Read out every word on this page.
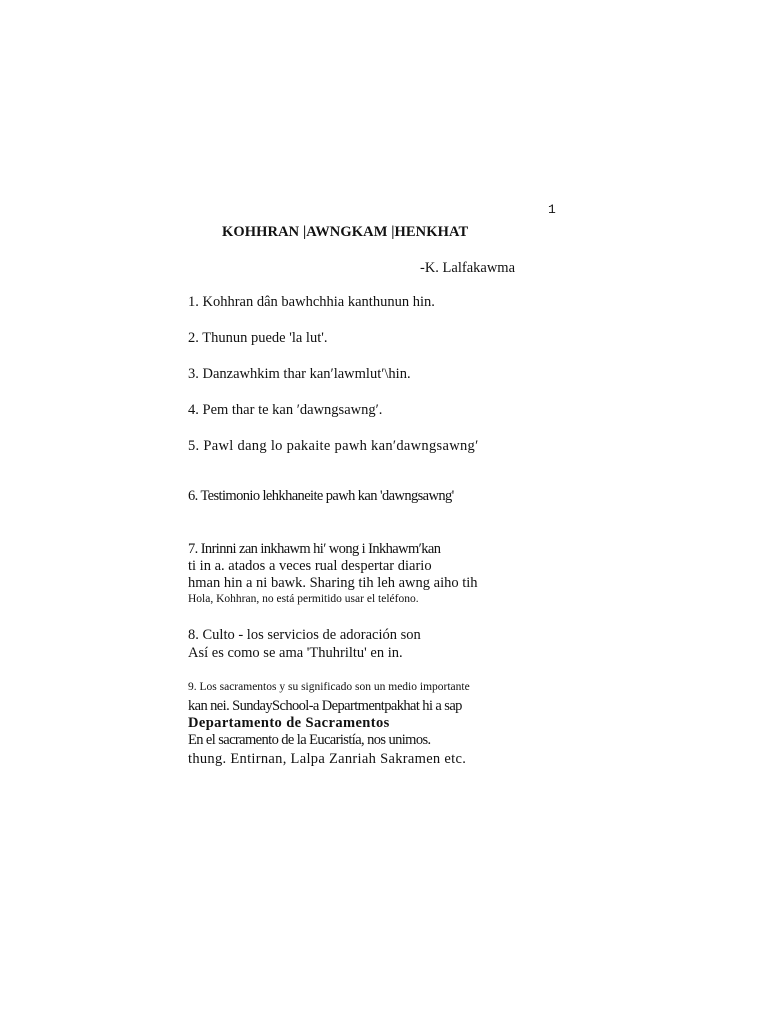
1
KOHHRAN |AWNGKAM |HENKHAT
-K. Lalfakawma
1. Kohhran dân bawhchhia kanthunun hin.
2. Thunun puede 'la lut'.
3. Danzawhkim thar kan′lawmlut′\hin.
4. Pem thar te kan ′dawngsawng′.
5. Pawl dang lo pakaite pawh kan′dawngsawng′
6. Testimonio lehkhaneite pawh kan 'dawngsawng'
7. Inrinni zan inkhawm hi′ wong i Inkhawm′kan
ti in a. atados a veces rual despertar diario
hman hin a ni bawk. Sharing tih leh awng aiho tih
Hola, Kohhran, no está permitido usar el teléfono.
8. Culto - los servicios de adoración son
Así es como se ama 'Thuhriltu' en in.
9. Los sacramentos y su significado son un medio importante
kan nei. SundaySchool-a Departmentpakhat hi a sap
Departamento de Sacramentos
En el sacramento de la Eucaristía, nos unimos.
thung. Entirnan, Lalpa Zanriah Sakramen etc.
